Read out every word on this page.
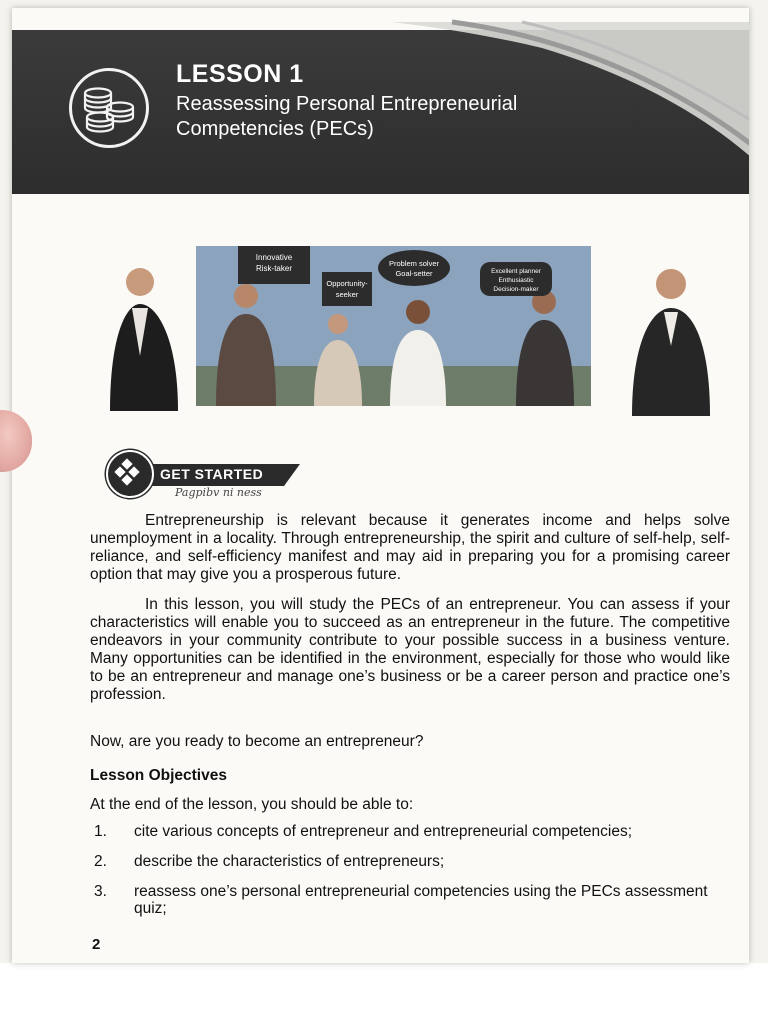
LESSON 1
Reassessing Personal Entrepreneurial Competencies (PECs)
Innovative
Risk-taker
Opportunity-
seeker
Problem solver
Goal-setter	Excellent planner
Enthusiastic
Decision-maker
GET STARTED
Pagpibv ni ness

Entrepreneurship is relevant because it generates income and helps solve unemployment in a locality. Through entrepreneurship, the spirit and culture of self-help, self-reliance, and self-efficiency manifest and may aid in preparing you for a promising career option that may give you a prosperous future.

In this lesson, you will study the PECs of an entrepreneur. You can assess if your characteristics will enable you to succeed as an entrepreneur in the future. The competitive endeavors in your community contribute to your possible success in a business venture. Many opportunities can be identified in the environment, especially for those who would like to be an entrepreneur and manage one’s business or be a career person and practice one’s profession.

Now, are you ready to become an entrepreneur?
Lesson Objectives
At the end of the lesson, you should be able to:
1. cite various concepts of entrepreneur and entrepreneurial competencies;
2. describe the characteristics of entrepreneurs;
3. reassess one’s personal entrepreneurial competencies using the PECs assessment quiz;
2
